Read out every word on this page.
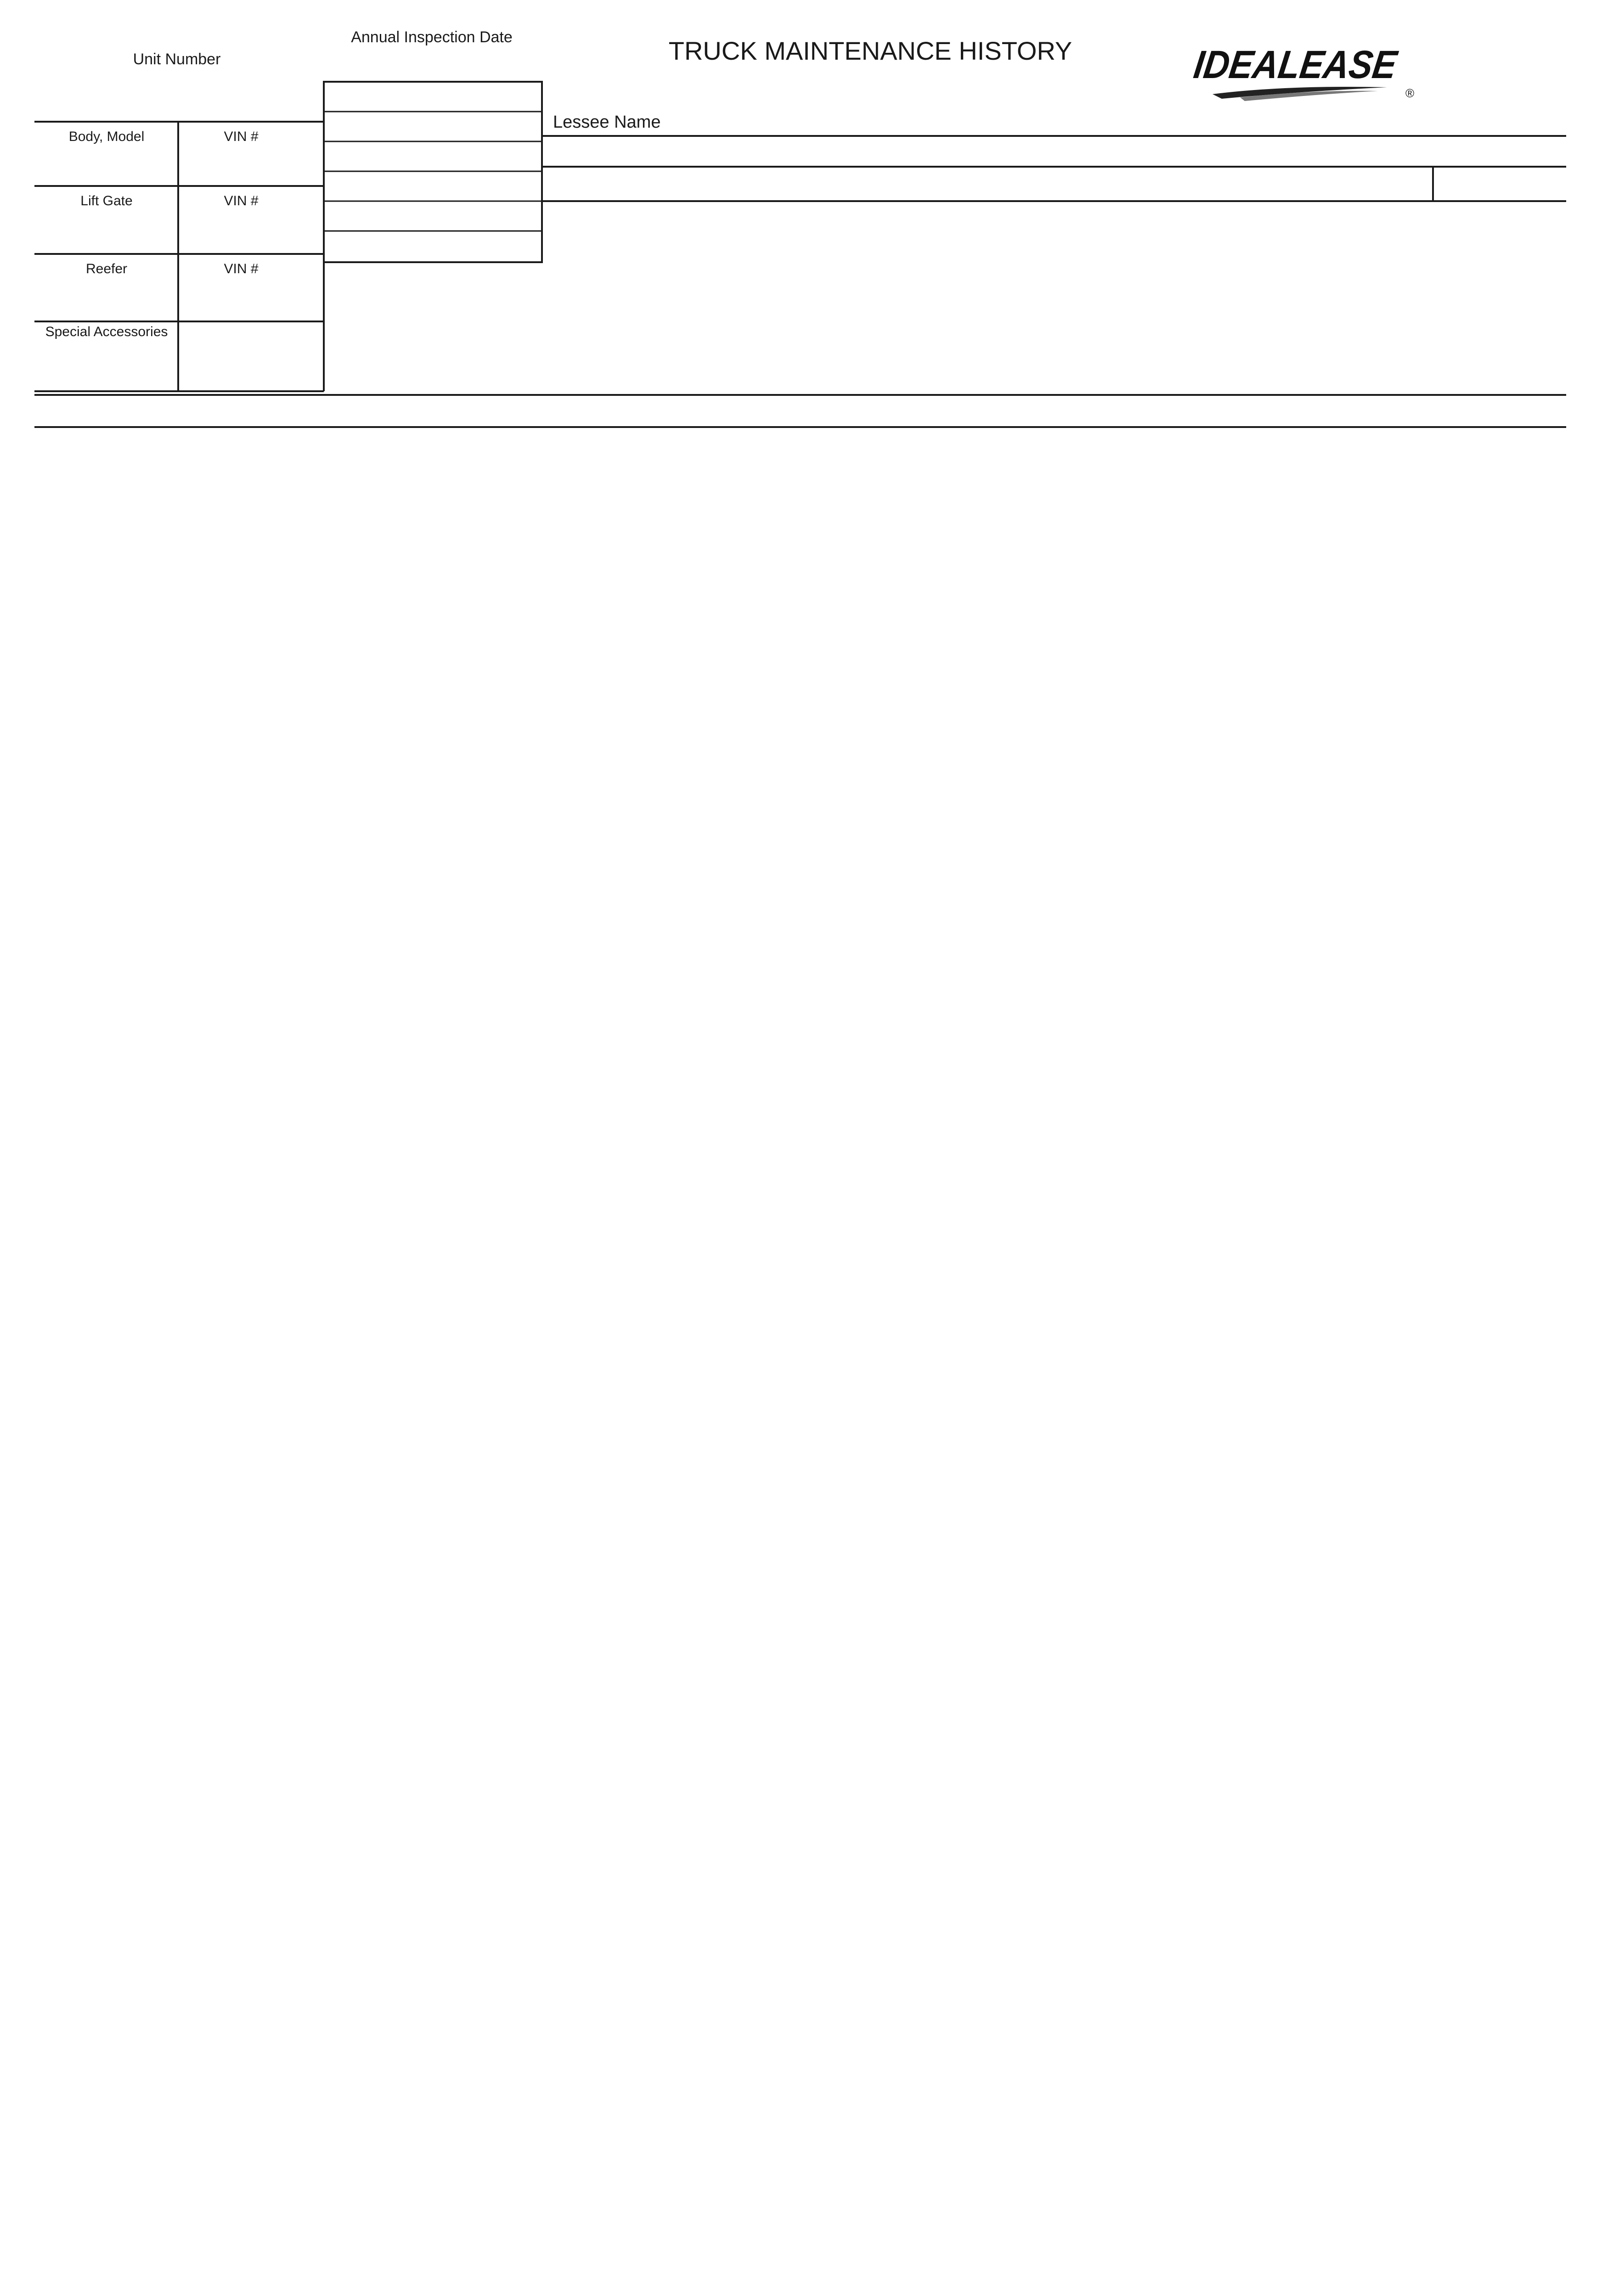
Unit Number
Annual Inspection Date	TRUCK MAINTENANCE HISTORY	IDEALEASE
®
Lessee Name
Body, Model	VIN #
Lift Gate	VIN #
Reefer	VIN #
Special Accessories
